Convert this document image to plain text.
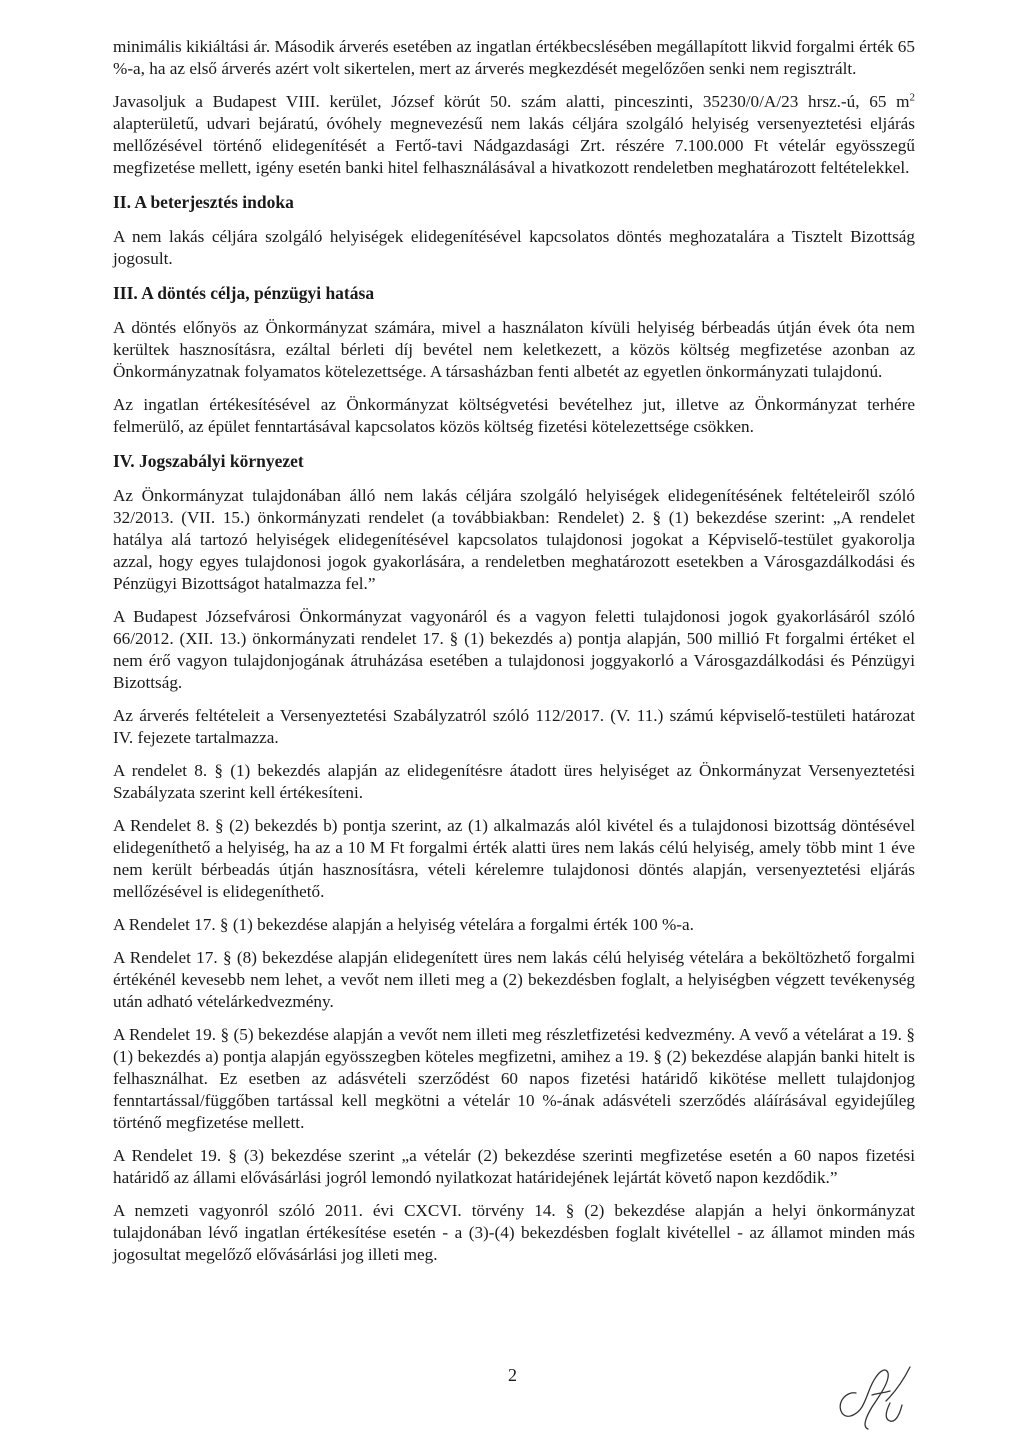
minimális kikiáltási ár. Második árverés esetében az ingatlan értékbecslésében megállapított likvid forgalmi érték 65 %-a, ha az első árverés azért volt sikertelen, mert az árverés megkezdését megelőzően senki nem regisztrált.

Javasoljuk a Budapest VIII. kerület, József körút 50. szám alatti, pinceszinti, 35230/0/A/23 hrsz.-ú, 65 $m^2$ alapterületű, udvari bejáratú, óvóhely megnevezésű nem lakás céljára szolgáló helyiség versenyeztetési eljárás mellőzésével történő elidegenítését a Fertő-tavi Nádgazdasági Zrt. részére 7.100.000 Ft vételár egyösszegű megfizetése mellett, igény esetén banki hitel felhasználásával a hivatkozott rendeletben meghatározott feltételekkel.

II. A beterjesztés indoka

A nem lakás céljára szolgáló helyiségek elidegenítésével kapcsolatos döntés meghozatalára a Tisztelt Bizottság jogosult.

III. A döntés célja, pénzügyi hatása

A döntés előnyös az Önkormányzat számára, mivel a használaton kívüli helyiség bérbeadás útján évek óta nem kerültek hasznosításra, ezáltal bérleti díj bevétel nem keletkezett, a közös költség megfizetése azonban az Önkormányzatnak folyamatos kötelezettsége. A társasházban fenti albetét az egyetlen önkormányzati tulajdonú.

Az ingatlan értékesítésével az Önkormányzat költségvetési bevételhez jut, illetve az Önkormányzat terhére felmerülő, az épület fenntartásával kapcsolatos közös költség fizetési kötelezettsége csökken.

IV. Jogszabályi környezet

Az Önkormányzat tulajdonában álló nem lakás céljára szolgáló helyiségek elidegenítésének feltételeiről szóló 32/2013. (VII. 15.) önkormányzati rendelet (a továbbiakban: Rendelet) 2. § (1) bekezdése szerint: „A rendelet hatálya alá tartozó helyiségek elidegenítésével kapcsolatos tulajdonosi jogokat a Képviselő-testület gyakorolja azzal, hogy egyes tulajdonosi jogok gyakorlására, a rendeletben meghatározott esetekben a Városgazdálkodási és Pénzügyi Bizottságot hatalmazza fel.”

A Budapest Józsefvárosi Önkormányzat vagyonáról és a vagyon feletti tulajdonosi jogok gyakorlásáról szóló 66/2012. (XII. 13.) önkormányzati rendelet 17. § (1) bekezdés a) pontja alapján, 500 millió Ft forgalmi értéket el nem érő vagyon tulajdonjogának átruházása esetében a tulajdonosi joggyakorló a Városgazdálkodási és Pénzügyi Bizottság.

Az árverés feltételeit a Versenyeztetési Szabályzatról szóló 112/2017. (V. 11.) számú képviselő-testületi határozat IV. fejezete tartalmazza.

A rendelet 8. § (1) bekezdés alapján az elidegenítésre átadott üres helyiséget az Önkormányzat Versenyeztetési Szabályzata szerint kell értékesíteni.

A Rendelet 8. § (2) bekezdés b) pontja szerint, az (1) alkalmazás alól kivétel és a tulajdonosi bizottság döntésével elidegeníthető a helyiség, ha az a 10 M Ft forgalmi érték alatti üres nem lakás célú helyiség, amely több mint 1 éve nem került bérbeadás útján hasznosításra, vételi kérelemre tulajdonosi döntés alapján, versenyeztetési eljárás mellőzésével is elidegeníthető.

A Rendelet 17. § (1) bekezdése alapján a helyiség vételára a forgalmi érték 100 %-a.

A Rendelet 17. § (8) bekezdése alapján elidegenített üres nem lakás célú helyiség vételára a beköltözhető forgalmi értékénél kevesebb nem lehet, a vevőt nem illeti meg a (2) bekezdésben foglalt, a helyiségben végzett tevékenység után adható vételárkedvezmény.

A Rendelet 19. § (5) bekezdése alapján a vevőt nem illeti meg részletfizetési kedvezmény. A vevő a vételárat a 19. § (1) bekezdés a) pontja alapján egyösszegben köteles megfizetni, amihez a 19. § (2) bekezdése alapján banki hitelt is felhasználhat. Ez esetben az adásvételi szerződést 60 napos fizetési határidő kikötése mellett tulajdonjog fenntartással/függőben tartással kell megkötni a vételár 10 %-ának adásvételi szerződés aláírásával egyidejűleg történő megfizetése mellett.

A Rendelet 19. § (3) bekezdése szerint „a vételár (2) bekezdése szerinti megfizetése esetén a 60 napos fizetési határidő az állami elővásárlási jogról lemondó nyilatkozat határidejének lejártát követő napon kezdődik.”

A nemzeti vagyonról szóló 2011. évi CXCVI. törvény 14. § (2) bekezdése alapján a helyi önkormányzat tulajdonában lévő ingatlan értékesítése esetén - a (3)-(4) bekezdésben foglalt kivétellel - az államot minden más jogosultat megelőző elővásárlási jog illeti meg.

2
